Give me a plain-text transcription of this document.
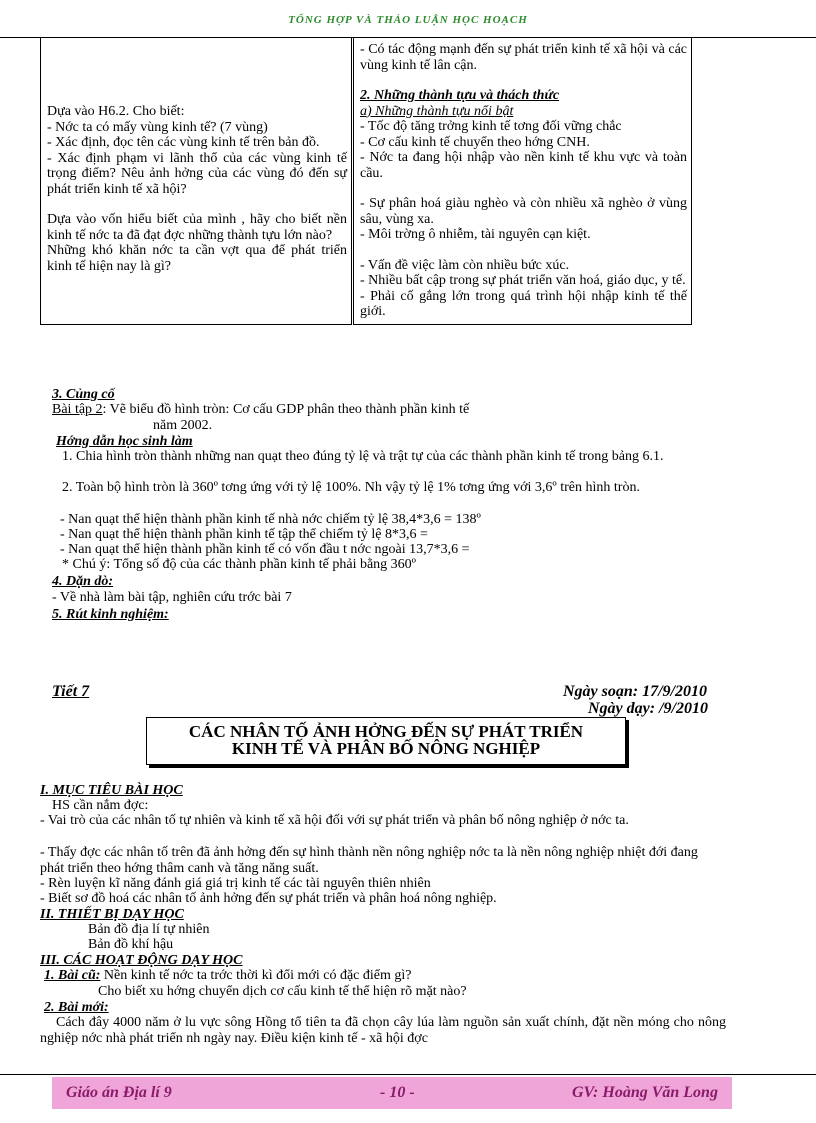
TỔNG HỢP VÀ THẢO LUẬN HỌC HOẠCH

Dựa vào H6.2. Cho biết:

- Nớc ta có mấy vùng kinh tế? (7 vùng)

- Xác định, đọc tên các vùng kinh tế trên bản đồ.

- Xác định phạm vi lãnh thổ của các vùng kinh tế trọng điểm? Nêu ảnh hởng của các vùng đó đến sự phát triển kinh tế xã hội?

Dựa vào vốn hiểu biết của mình , hãy cho biết nền kinh tế nớc ta đã đạt đợc những thành tựu lớn nào?

Những khó khăn nớc ta cần vợt qua để phát triển kinh tế hiện nay là gì?

- Có tác động mạnh đến sự phát triển kinh tế xã hội và các vùng kinh tế lân cận.

2. Những thành tựu và thách thức

a) Những thành tựu nổi bật

- Tốc độ tăng trởng kinh tế tơng đối vững chắc

- Cơ cấu kinh tế chuyển theo hớng CNH.

- Nớc ta đang hội nhập vào nền kinh tế khu vực và toàn cầu.

- Sự phân hoá giàu nghèo và còn nhiều xã nghèo ở vùng sâu, vùng xa.

- Môi trờng ô nhiễm, tài nguyên cạn kiệt.

- Vấn đề việc làm còn nhiều bức xúc.

- Nhiều bất cập trong sự phát triển văn hoá, giáo dục, y tế.

- Phải cố gắng lớn trong quá trình hội nhập kinh tế thế giới.

3. Củng cố
Bài tập 2: Vẽ biểu đồ hình tròn: Cơ cấu GDP phân theo thành phần kinh tế
năm 2002.
Hớng dẫn học sinh làm
1. Chia hình tròn thành những nan quạt theo đúng tỷ lệ và trật tự của các thành phần kinh tế trong bảng 6.1.
2. Toàn bộ hình tròn là 360º tơng ứng với tỷ lệ 100%. Nh vậy tỷ lệ 1% tơng ứng với 3,6º trên hình tròn.
- Nan quạt thể hiện thành phần kinh tế nhà nớc chiếm tỷ lệ 38,4*3,6 = 138º
- Nan quạt thể hiện thành phần kinh tế tập thể chiếm tỷ lệ 8*3,6 =
- Nan quạt thể hiện thành phần kinh tế có vốn đầu t nớc ngoài 13,7*3,6 =
* Chú ý: Tổng số độ của các thành phần kinh tế phải bằng 360º
4. Dặn dò:
- Về nhà làm bài tập, nghiên cứu trớc bài 7
5. Rút kinh nghiệm:
Tiết 7	Ngày soạn: 17/9/2010
Ngày dạy: /9/2010
CÁC NHÂN TỐ ẢNH HỞNG ĐẾN SỰ PHÁT TRIỂN
KINH TẾ VÀ PHÂN BỐ NÔNG NGHIỆP
I. MỤC TIÊU BÀI HỌC
HS cần nắm đợc:
- Vai trò của các nhân tố tự nhiên và kinh tế xã hội đối với sự phát triển và phân bố nông nghiệp ở nớc ta.
- Thấy đợc các nhân tố trên đã ảnh hởng đến sự hình thành nền nông nghiệp nớc ta là nền nông nghiệp nhiệt đới đang phát triển theo hớng thâm canh và tăng năng suất.
- Rèn luyện kĩ năng đánh giá giá trị kinh tế các tài nguyên thiên nhiên
- Biết sơ đồ hoá các nhân tố ảnh hởng đến sự phát triển và phân hoá nông nghiệp.
II. THIẾT BỊ DẠY HỌC
Bản đồ địa lí tự nhiên
Bản đồ khí hậu
III. CÁC HOẠT ĐỘNG DẠY HỌC
1. Bài cũ: Nền kinh tế nớc ta trớc thời kì đổi mới có đặc điểm gì?
Cho biết xu hớng chuyển dịch cơ cấu kinh tế thể hiện rõ mặt nào?
2. Bài mới:
Cách đây 4000 năm ở lu vực sông Hồng tổ tiên ta đã chọn cây lúa làm nguồn sản xuất chính, đặt nền móng cho nông nghiệp nớc nhà phát triển nh ngày nay. Điều kiện kinh tế - xã hội đợc
Giáo án Địa lí 9	- 10 -	GV: Hoàng Văn Long
